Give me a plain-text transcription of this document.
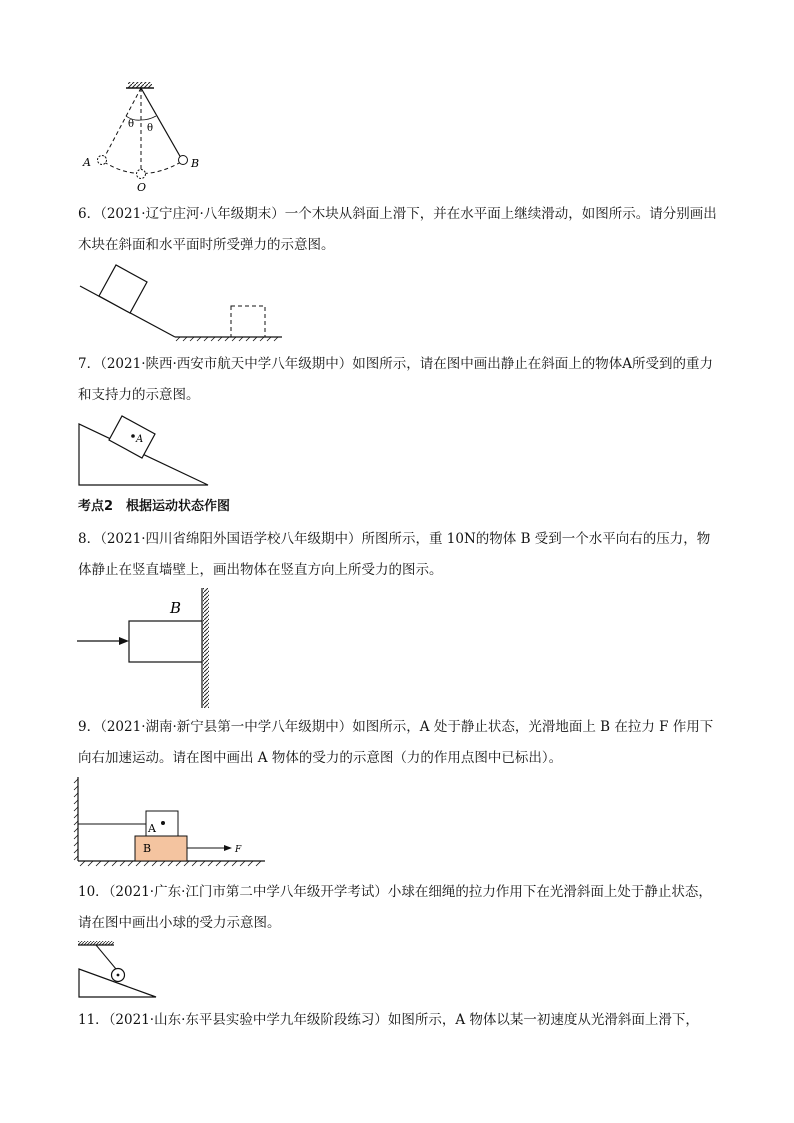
θ θ
A	B
O
6．（2021·辽宁庄河·八年级期末）一个木块从斜面上滑下，并在水平面上继续滑动，如图所示。请分别画出木块在斜面和水平面时所受弹力的示意图。
7．（2021·陕西·西安市航天中学八年级期中）如图所示，请在图中画出静止在斜面上的物体A所受到的重力和支持力的示意图。
A
考点2　根据运动状态作图
8．（2021·四川省绵阳外国语学校八年级期中）所图所示，重 10N的物体 B 受到一个水平向右的压力，物体静止在竖直墙壁上，画出物体在竖直方向上所受力的图示。
B
9．（2021·湖南·新宁县第一中学八年级期中）如图所示，A 处于静止状态，光滑地面上 B 在拉力 F 作用下向右加速运动。请在图中画出 A 物体的受力的示意图（力的作用点图中已标出）。
A
B	F
10．（2021·广东·江门市第二中学八年级开学考试）小球在细绳的拉力作用下在光滑斜面上处于静止状态，请在图中画出小球的受力示意图。
11．（2021·山东·东平县实验中学九年级阶段练习）如图所示，A 物体以某一初速度从光滑斜面上滑下，
